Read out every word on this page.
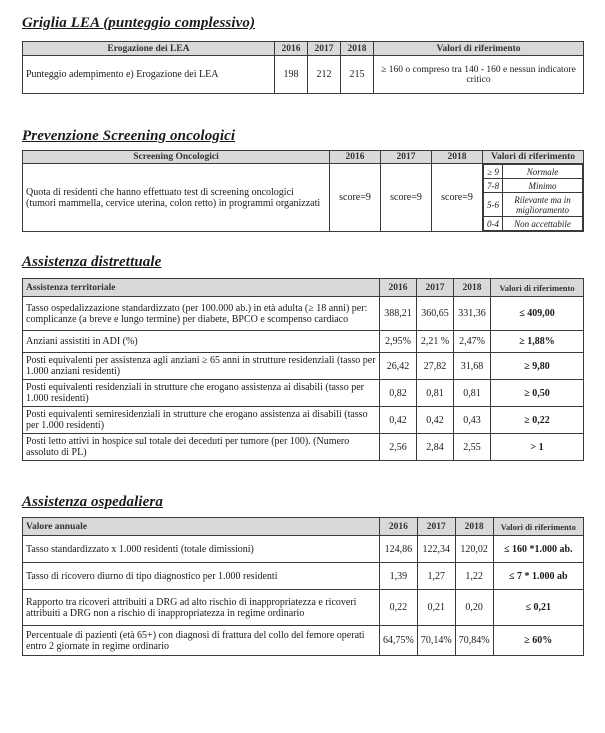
Griglia LEA (punteggio complessivo)
Erogazione dei LEA	2016	2017	2018	Valori di riferimento
Punteggio adempimento e) Erogazione dei LEA	198	212	215	≥ 160 o compreso tra 140 - 160 e nessun indicatore critico
Prevenzione Screening oncologici
Screening Oncologici	2016	2017	2018	Valori di riferimento
Quota di residenti che hanno effettuato test di screening oncologici (tumori mammella, cervice uterina, colon retto) in programmi organizzati	score=9	score=9	score=9	
≥ 9	Normale
7-8	Minimo
5-6	Rilevante ma in miglioramento
0-4	Non accettabile
Assistenza distrettuale
Assistenza territoriale	2016	2017	2018	Valori di riferimento
Tasso ospedalizzazione standardizzato (per 100.000 ab.) in età adulta (≥ 18 anni) per: complicanze (a breve e lungo termine) per diabete, BPCO e scompenso cardiaco	388,21	360,65	331,36	≤ 409,00
Anziani assistiti in ADI (%)	2,95%	2,21 %	2,47%	≥ 1,88%
Posti equivalenti per assistenza agli anziani ≥ 65 anni in strutture residenziali (tasso per 1.000 anziani residenti)	26,42	27,82	31,68	≥ 9,80
Posti equivalenti residenziali in strutture che erogano assistenza ai disabili (tasso per 1.000 residenti)	0,82	0,81	0,81	≥ 0,50
Posti equivalenti semiresidenziali in strutture che erogano assistenza ai disabili (tasso per 1.000 residenti)	0,42	0,42	0,43	≥ 0,22
Posti letto attivi in hospice sul totale dei deceduti per tumore (per 100). (Numero assoluto di PL)	2,56	2,84	2,55	> 1
Assistenza ospedaliera
Valore annuale	2016	2017	2018	Valori di riferimento
Tasso standardizzato x 1.000 residenti (totale dimissioni)	124,86	122,34	120,02	≤ 160 *1.000 ab.
Tasso di ricovero diurno di tipo diagnostico per 1.000 residenti	1,39	1,27	1,22	≤ 7 * 1.000 ab
Rapporto tra ricoveri attribuiti a DRG ad alto rischio di inappropriatezza e ricoveri attribuiti a DRG non a rischio di inappropriatezza in regime ordinario	0,22	0,21	0,20	≤ 0,21
Percentuale di pazienti (età 65+) con diagnosi di frattura del collo del femore operati entro 2 giornate in regime ordinario	64,75%	70,14%	70,84%	≥ 60%
